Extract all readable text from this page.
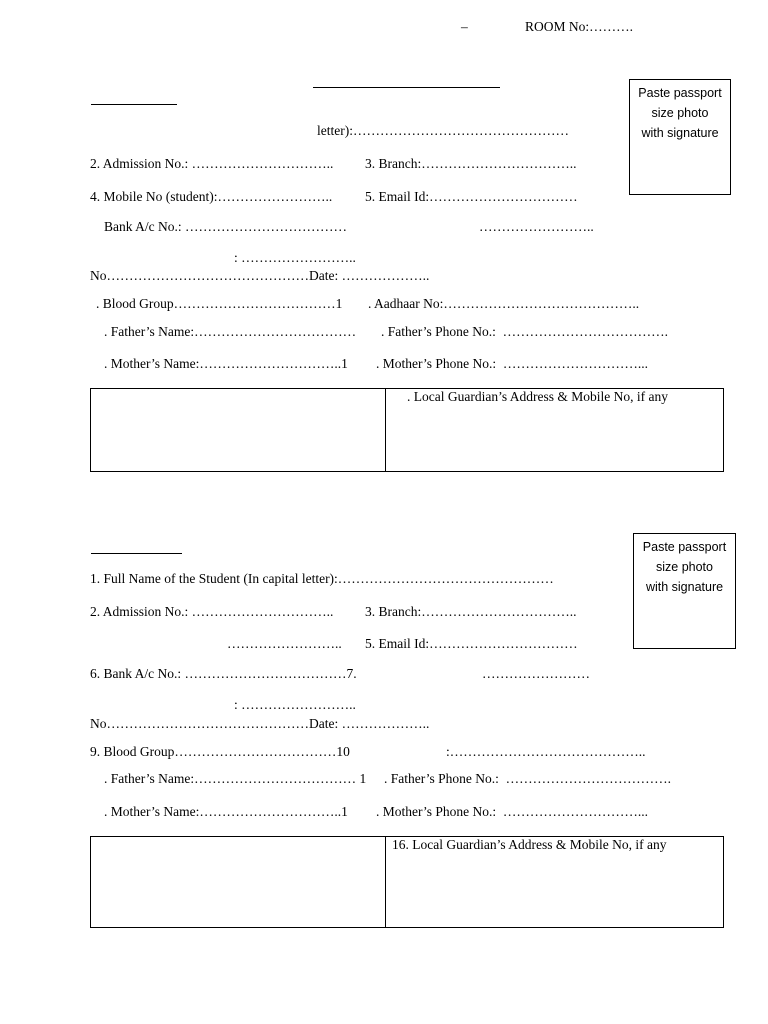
–	ROOM No:……….
Paste passport
size photo
with signature
letter):…………………………………………
2. Admission No.: ………………………….. 3. Branch:……………………………..
4. Mobile No (student):…………………….. 5. Email Id:……………………………
Bank A/c No.: ………………………………	……………………..
: ……………………..
No………………………………………Date: ………………..
. Blood Group………………………………1 . Aadhaar No:……………………………………..
. Father’s Name:……………………………… . Father’s Phone No.:  ……………………………….
. Mother’s Name:…………………………..1 . Mother’s Phone No.:  …………………………...
. Local Guardian’s Address & Mobile No, if any
Paste passport
size photo
with signature
1. Full Name of the Student (In capital letter):…………………………………………
2. Admission No.: ………………………….. 3. Branch:……………………………..
…………………….. 5. Email Id:……………………………
6. Bank A/c No.: ………………………………7.	……………………
: ……………………..
No………………………………………Date: ………………..
9. Blood Group………………………………10	:……………………………………..
. Father’s Name:……………………………… 1 . Father’s Phone No.:  ……………………………….
. Mother’s Name:…………………………..1 . Mother’s Phone No.:  …………………………...
16. Local Guardian’s Address & Mobile No, if any
